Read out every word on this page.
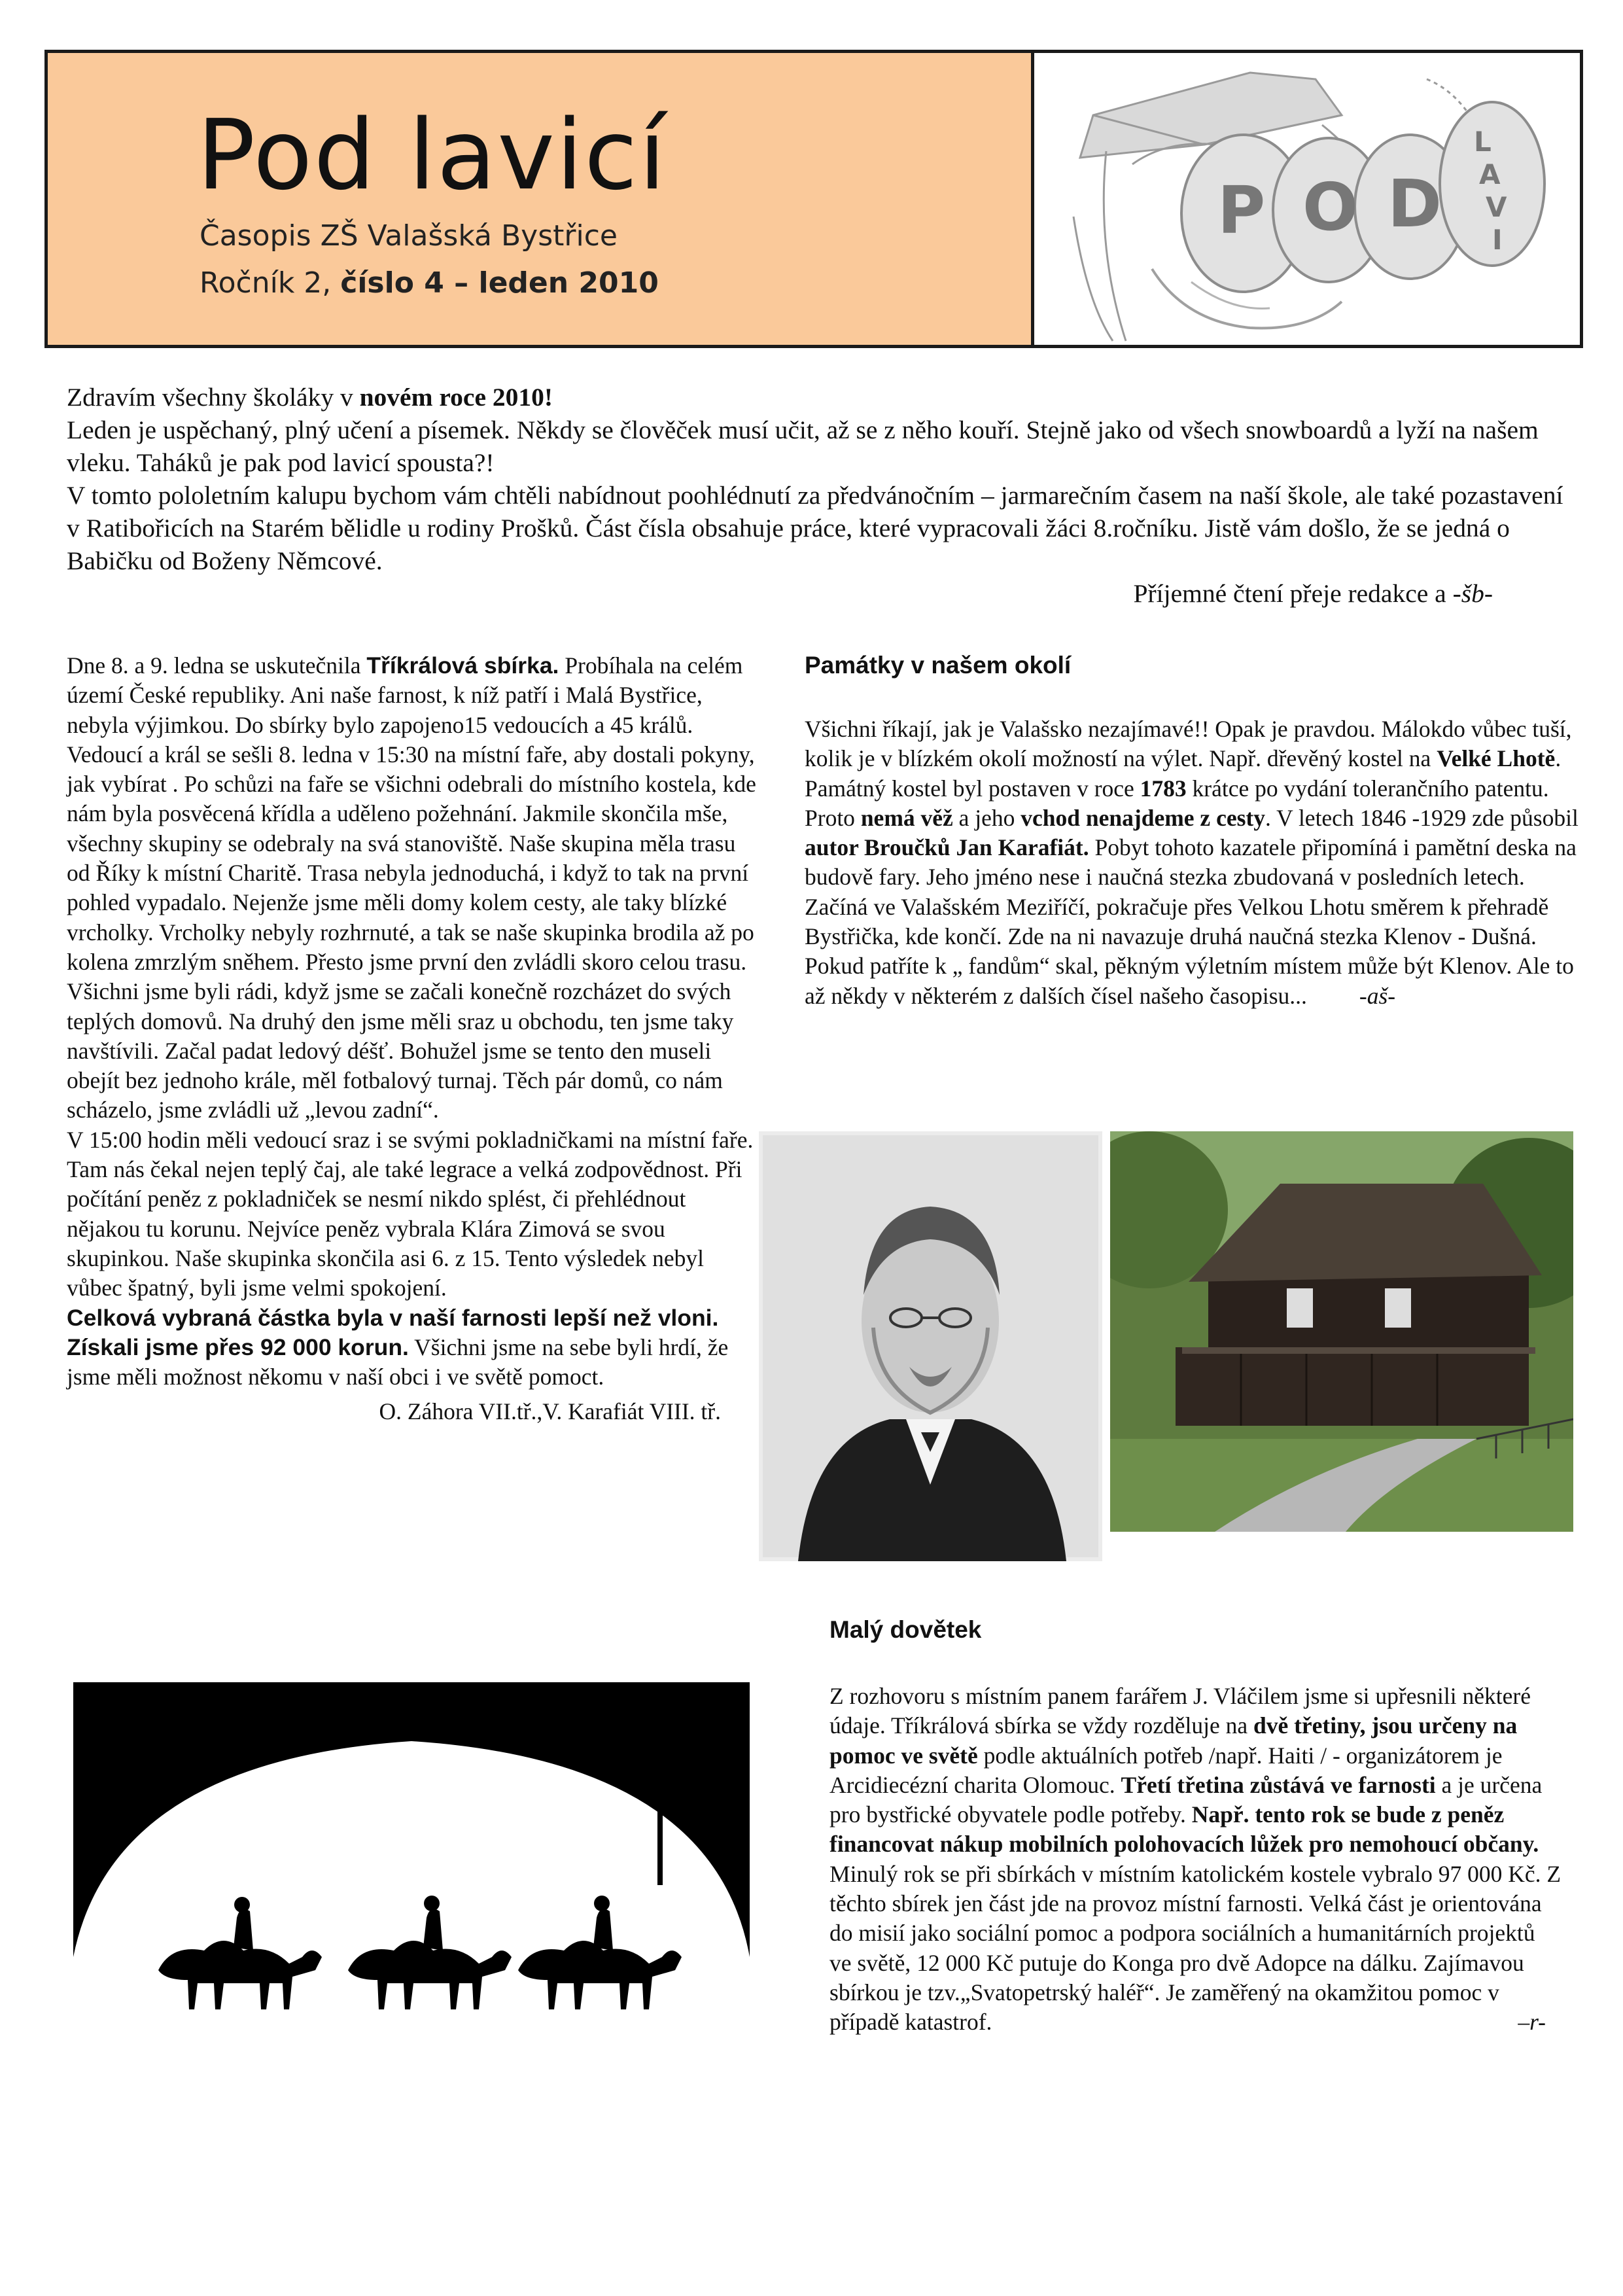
Pod lavicí

Časopis ZŠ Valašská Bystřice

Ročník 2, číslo 4 – leden 2010

P O D
L
A
V
I

Zdravím všechny školáky v novém roce 2010!

Leden je uspěchaný, plný učení a písemek. Někdy se člověček musí učit, až se z něho kouří. Stejně jako od všech snowboardů a lyží na našem vleku. Taháků je pak pod lavicí spousta?!

V tomto pololetním kalupu bychom vám chtěli nabídnout poohlédnutí za předvánočním – jarmarečním časem na naší škole, ale také pozastavení v Ratibořicích na Starém bělidle u rodiny Prošků. Část čísla obsahuje práce, které vypracovali žáci 8.ročníku. Jistě vám došlo, že se jedná o Babičku od Boženy Němcové.

Příjemné čtení přeje redakce a -šb-

Dne 8. a 9. ledna se uskutečnila Tříkrálová sbírka. Probíhala na celém území České republiky. Ani naše farnost, k níž patří i Malá Bystřice, nebyla výjimkou. Do sbírky bylo zapojeno15 vedoucích a 45 králů. Vedoucí a král se sešli 8. ledna v 15:30 na místní faře, aby dostali pokyny, jak vybírat . Po schůzi na faře se všichni odebrali do místního kostela, kde nám byla posvěcená křídla a uděleno požehnání. Jakmile skončila mše, všechny skupiny se odebraly na svá stanoviště. Naše skupina měla trasu od Říky k místní Charitě. Trasa nebyla jednoduchá, i když to tak na první pohled vypadalo. Nejenže jsme měli domy kolem cesty, ale taky blízké vrcholky. Vrcholky nebyly rozhrnuté, a tak se naše skupinka brodila až po kolena zmrzlým sněhem. Přesto jsme první den zvládli skoro celou trasu. Všichni jsme byli rádi, když jsme se začali konečně rozcházet do svých teplých domovů. Na druhý den jsme měli sraz u obchodu, ten jsme taky navštívili. Začal padat ledový déšť. Bohužel jsme se tento den museli obejít bez jednoho krále, měl fotbalový turnaj. Těch pár domů, co nám scházelo, jsme zvládli už „levou zadní“.

V 15:00 hodin měli vedoucí sraz i se svými pokladničkami na místní faře. Tam nás čekal nejen teplý čaj, ale také legrace a velká zodpovědnost. Při počítání peněz z pokladniček se nesmí nikdo splést, či přehlédnout nějakou tu korunu. Nejvíce peněz vybrala Klára Zimová se svou skupinkou. Naše skupinka skončila asi 6. z 15. Tento výsledek nebyl vůbec špatný, byli jsme velmi spokojení.

Celková vybraná částka byla v naší farnosti lepší než vloni. Získali jsme přes 92 000 korun. Všichni jsme na sebe byli hrdí, že jsme měli možnost někomu v naší obci i ve světě pomoct.

O. Záhora VII.tř.,V. Karafiát VIII. tř.

Památky v našem okolí

Všichni říkají, jak je Valašsko nezajímavé!! Opak je pravdou. Málokdo vůbec tuší, kolik je v blízkém okolí možností na výlet. Např. dřevěný kostel na Velké Lhotě. Památný kostel byl postaven v roce 1783 krátce po vydání tolerančního patentu. Proto nemá věž a jeho vchod nenajdeme z cesty. V letech 1846 -1929 zde působil autor Broučků Jan Karafiát. Pobyt tohoto kazatele připomíná i pamětní deska na budově fary. Jeho jméno nese i naučná stezka zbudovaná v posledních letech. Začíná ve Valašském Meziříčí, pokračuje přes Velkou Lhotu směrem k přehradě Bystřička, kde končí. Zde na ni navazuje druhá naučná stezka Klenov - Dušná. Pokud patříte k „ fandům“ skal, pěkným výletním místem může být Klenov. Ale to až někdy v některém z dalších čísel našeho časopisu... -aš-

Malý dovětek

Z rozhovoru s místním panem farářem J. Vláčilem jsme si upřesnili některé údaje. Tříkrálová sbírka se vždy rozděluje na dvě třetiny, jsou určeny na pomoc ve světě podle aktuálních potřeb /např. Haiti / - organizátorem je Arcidiecézní charita Olomouc. Třetí třetina zůstává ve farnosti a je určena pro bystřické obyvatele podle potřeby. Např. tento rok se bude z peněz financovat nákup mobilních polohovacích lůžek pro nemohoucí občany. Minulý rok se při sbírkách v místním katolickém kostele vybralo 97 000 Kč. Z těchto sbírek jen část jde na provoz místní farnosti. Velká část je orientována do misií jako sociální pomoc a podpora sociálních a humanitárních projektů ve světě, 12 000 Kč putuje do Konga pro dvě Adopce na dálku. Zajímavou sbírkou je tzv.„Svatopetrský haléř“. Je zaměřený na okamžitou pomoc v případě katastrof.	–r-
